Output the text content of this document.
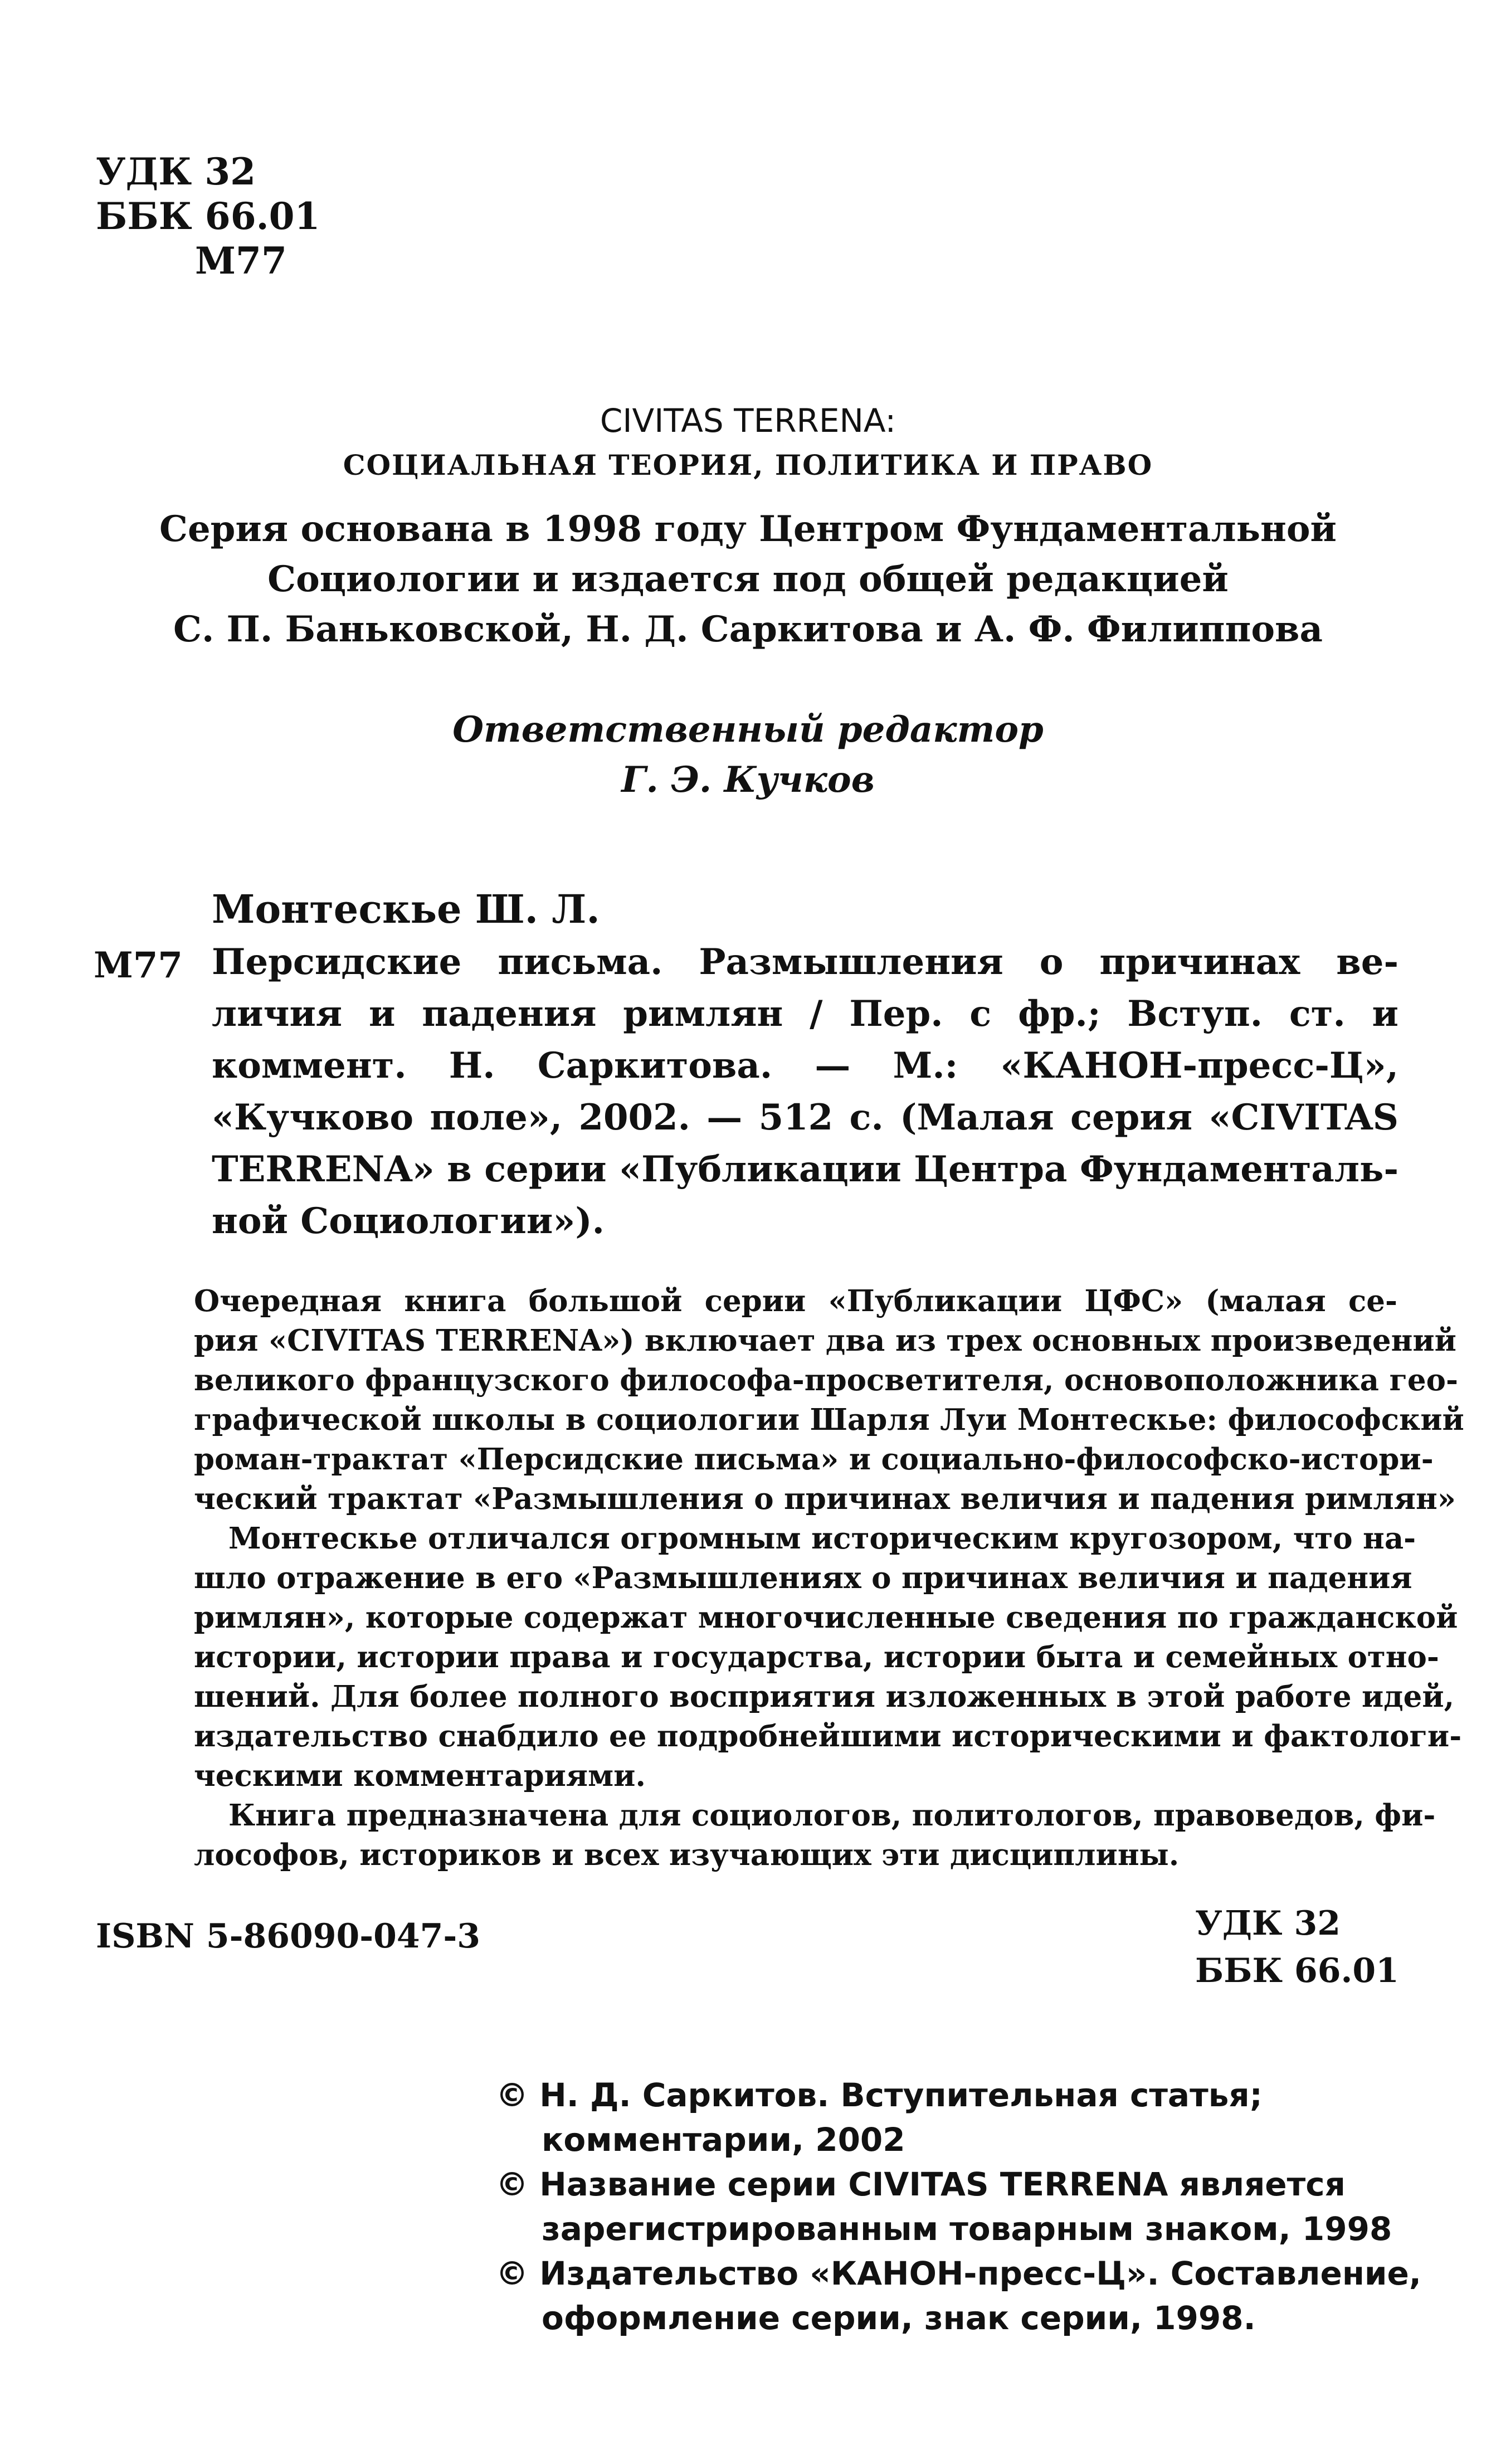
УДК 32
ББК 66.01
М77
CIVITAS TERRENA:
СОЦИАЛЬНАЯ ТЕОРИЯ, ПОЛИТИКА И ПРАВО
Серия основана в 1998 году Центром Фундаментальной
Социологии и издается под общей редакцией
С. П. Баньковской, Н. Д. Саркитова и А. Ф. Филиппова
Ответственный редактор
Г. Э. Кучков
Монтескье Ш. Л.
М77 Персидские письма. Размышления о причинах ве-
личия и падения римлян / Пер. с фр.; Вступ. ст. и
коммент. Н. Саркитова. — М.: «КАНОН-пресс-Ц»,
«Кучково поле», 2002. — 512 с. (Малая серия «CIVITAS
TERRENA» в серии «Публикации Центра Фундаменталь-
ной Социологии»).
Очередная книга большой серии «Публикации ЦФС» (малая се-
рия «CIVITAS TERRENA») включает два из трех основных произведений
великого французского философа-просветителя, основоположника гео-
графической школы в социологии Шарля Луи Монтескье: философский
роман-трактат «Персидские письма» и социально-философско-истори-
ческий трактат «Размышления о причинах величия и падения римлян»
Монтескье отличался огромным историческим кругозором, что на-
шло отражение в его «Размышлениях о причинах величия и падения
римлян», которые содержат многочисленные сведения по гражданской
истории, истории права и государства, истории быта и семейных отно-
шений. Для более полного восприятия изложенных в этой работе идей,
издательство снабдило ее подробнейшими историческими и фактологи-
ческими комментариями.
Книга предназначена для социологов, политологов, правоведов, фи-
лософов, историков и всех изучающих эти дисциплины.
ISBN 5-86090-047-3	УДК 32
ББК 66.01
© Н. Д. Саркитов. Вступительная статья;
комментарии, 2002
© Название серии CIVITAS TERRENA является
зарегистрированным товарным знаком, 1998
© Издательство «КАНОН-пресс-Ц». Составление,
оформление серии, знак серии, 1998.
